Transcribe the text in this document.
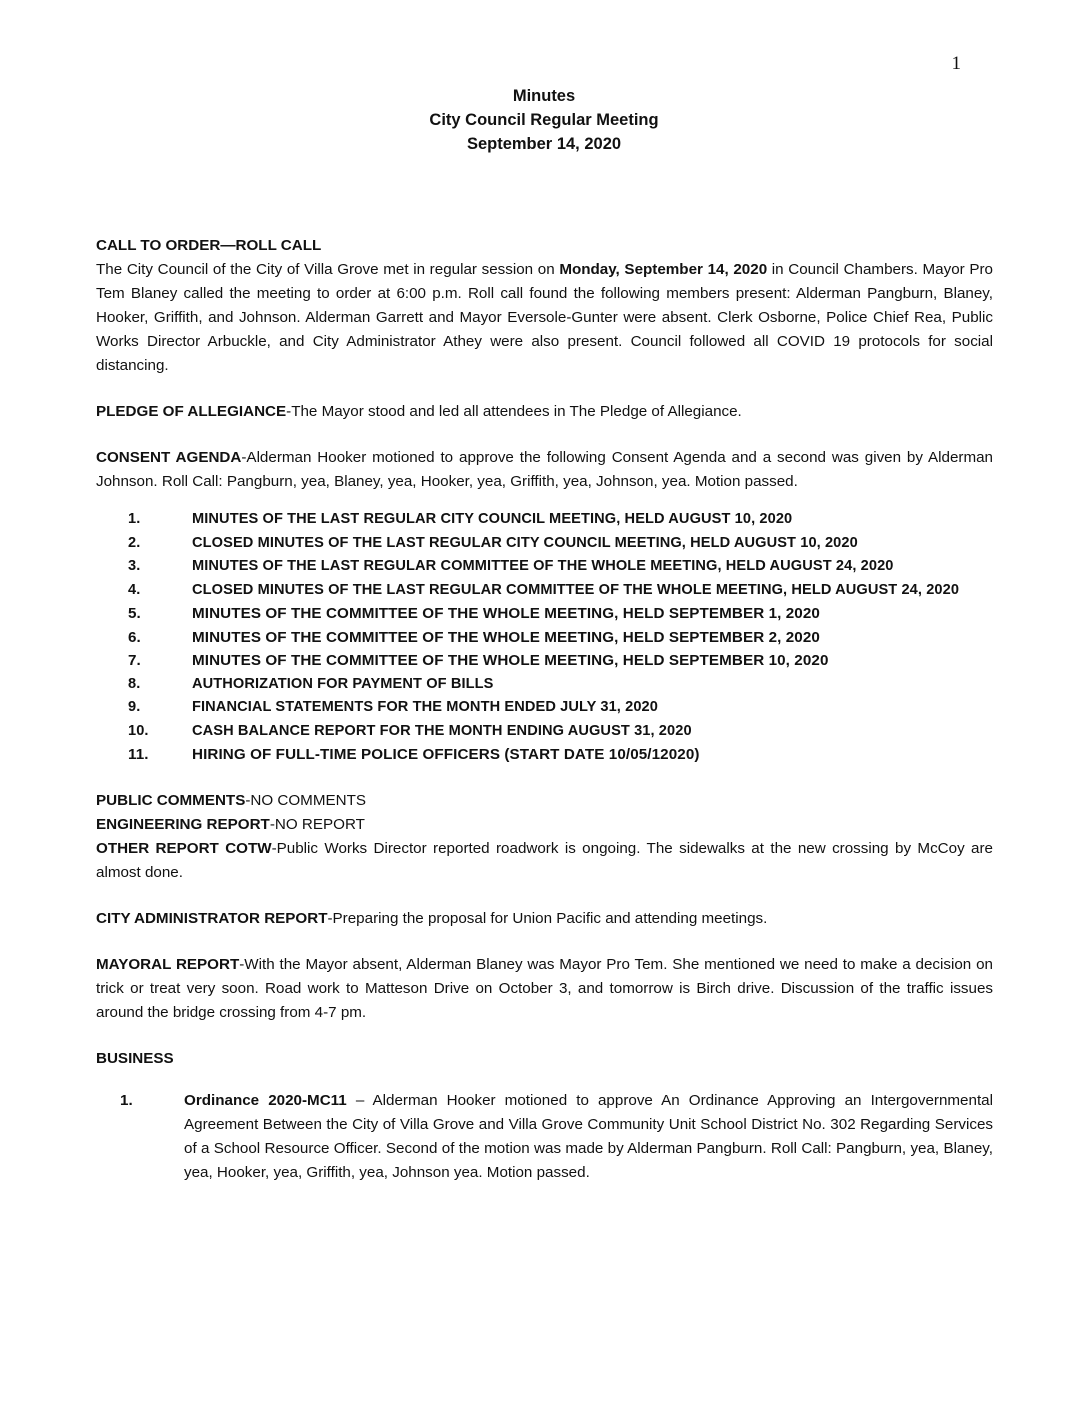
1
Minutes
City Council Regular Meeting
September 14, 2020

CALL TO ORDER—ROLL CALL

The City Council of the City of Villa Grove met in regular session on Monday, September 14, 2020 in Council Chambers. Mayor Pro Tem Blaney called the meeting to order at 6:00 p.m. Roll call found the following members present: Alderman Pangburn, Blaney, Hooker, Griffith, and Johnson. Alderman Garrett and Mayor Eversole-Gunter were absent. Clerk Osborne, Police Chief Rea, Public Works Director Arbuckle, and City Administrator Athey were also present. Council followed all COVID 19 protocols for social distancing.

PLEDGE OF ALLEGIANCE-The Mayor stood and led all attendees in The Pledge of Allegiance.

CONSENT AGENDA-Alderman Hooker motioned to approve the following Consent Agenda and a second was given by Alderman Johnson. Roll Call: Pangburn, yea, Blaney, yea, Hooker, yea, Griffith, yea, Johnson, yea. Motion passed.

1.	MINUTES OF THE LAST REGULAR CITY COUNCIL MEETING, HELD AUGUST 10, 2020
2.	CLOSED MINUTES OF THE LAST REGULAR CITY COUNCIL MEETING, HELD AUGUST 10, 2020
3.	MINUTES OF THE LAST REGULAR COMMITTEE OF THE WHOLE MEETING, HELD AUGUST 24, 2020
4.	CLOSED MINUTES OF THE LAST REGULAR COMMITTEE OF THE WHOLE MEETING, HELD AUGUST 24, 2020
5.	MINUTES OF THE COMMITTEE OF THE WHOLE MEETING, HELD SEPTEMBER 1, 2020
6.	MINUTES OF THE COMMITTEE OF THE WHOLE MEETING, HELD SEPTEMBER 2, 2020
7.	MINUTES OF THE COMMITTEE OF THE WHOLE MEETING, HELD SEPTEMBER 10, 2020
8.	AUTHORIZATION FOR PAYMENT OF BILLS
9.	FINANCIAL STATEMENTS FOR THE MONTH ENDED JULY 31, 2020
10.	CASH BALANCE REPORT FOR THE MONTH ENDING AUGUST 31, 2020
11.	HIRING OF FULL-TIME POLICE OFFICERS (START DATE 10/05/12020)

PUBLIC COMMENTS-NO COMMENTS

ENGINEERING REPORT-NO REPORT

OTHER REPORT COTW-Public Works Director reported roadwork is ongoing. The sidewalks at the new crossing by McCoy are almost done.

CITY ADMINISTRATOR REPORT-Preparing the proposal for Union Pacific and attending meetings.

MAYORAL REPORT-With the Mayor absent, Alderman Blaney was Mayor Pro Tem. She mentioned we need to make a decision on trick or treat very soon. Road work to Matteson Drive on October 3, and tomorrow is Birch drive. Discussion of the traffic issues around the bridge crossing from 4-7 pm.

BUSINESS

1.	Ordinance 2020-MC11 – Alderman Hooker motioned to approve An Ordinance Approving an Intergovernmental Agreement Between the City of Villa Grove and Villa Grove Community Unit School District No. 302 Regarding Services of a School Resource Officer. Second of the motion was made by Alderman Pangburn. Roll Call: Pangburn, yea, Blaney, yea, Hooker, yea, Griffith, yea, Johnson yea. Motion passed.
